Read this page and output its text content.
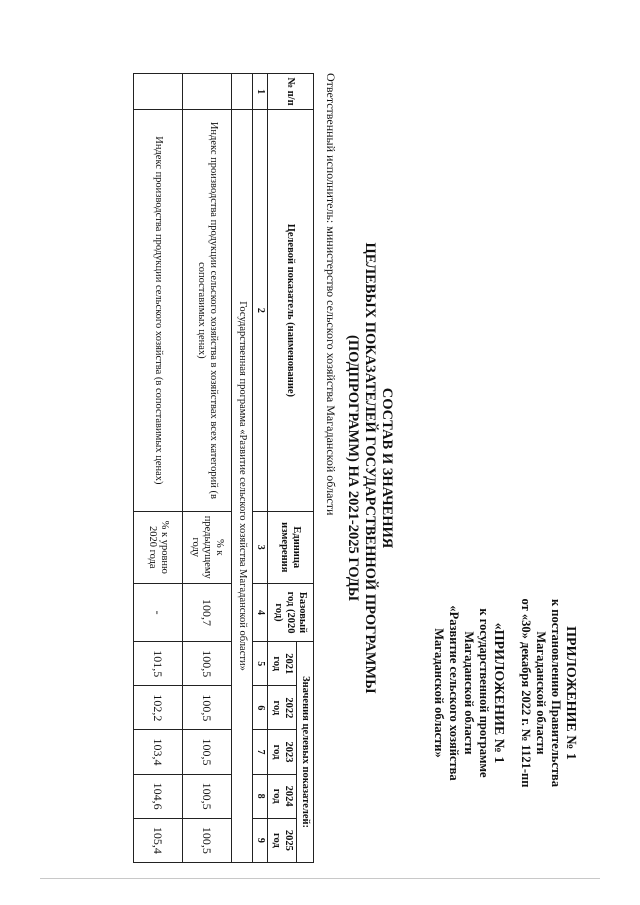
ПРИЛОЖЕНИЕ № 1
к постановлению Правительства
Магаданской области
от «30» декабря 2022 г. № 1121-пп
«ПРИЛОЖЕНИЕ № 1
к государственной программе
Магаданской области
«Развитие сельского хозяйства
Магаданской области»
СОСТАВ И ЗНАЧЕНИЯ
ЦЕЛЕВЫХ ПОКАЗАТЕЛЕЙ ГОСУДАРСТВЕННОЙ ПРОГРАММЫ
(ПОДПРОГРАММ) НА 2021-2025 ГОДЫ
Ответственный исполнитель: министерство сельского хозяйства Магаданской области
№ п/п	Целевой показатель (наименование)	Единица измерения	Базовый год (2020 год)	Значения целевых показателей:				
				2021 год	2022 год	2023 год	2024 год	2025 год
1	2	3	4	5	6	7	8	9
	Государственная программа «Развитие сельского хозяйства Магаданской области»							
	Индекс производства продукции сельского хозяйства в хозяйствах всех категорий (в сопоставимых ценах)	% к предыдущему году	100,7	100,5	100,5	100,5	100,5	100,5
	Индекс производства продукции сельского хозяйства (в сопоставимых ценах)	% к уровню 2020 года	-	101,5	102,2	103,4	104,6	105,4
